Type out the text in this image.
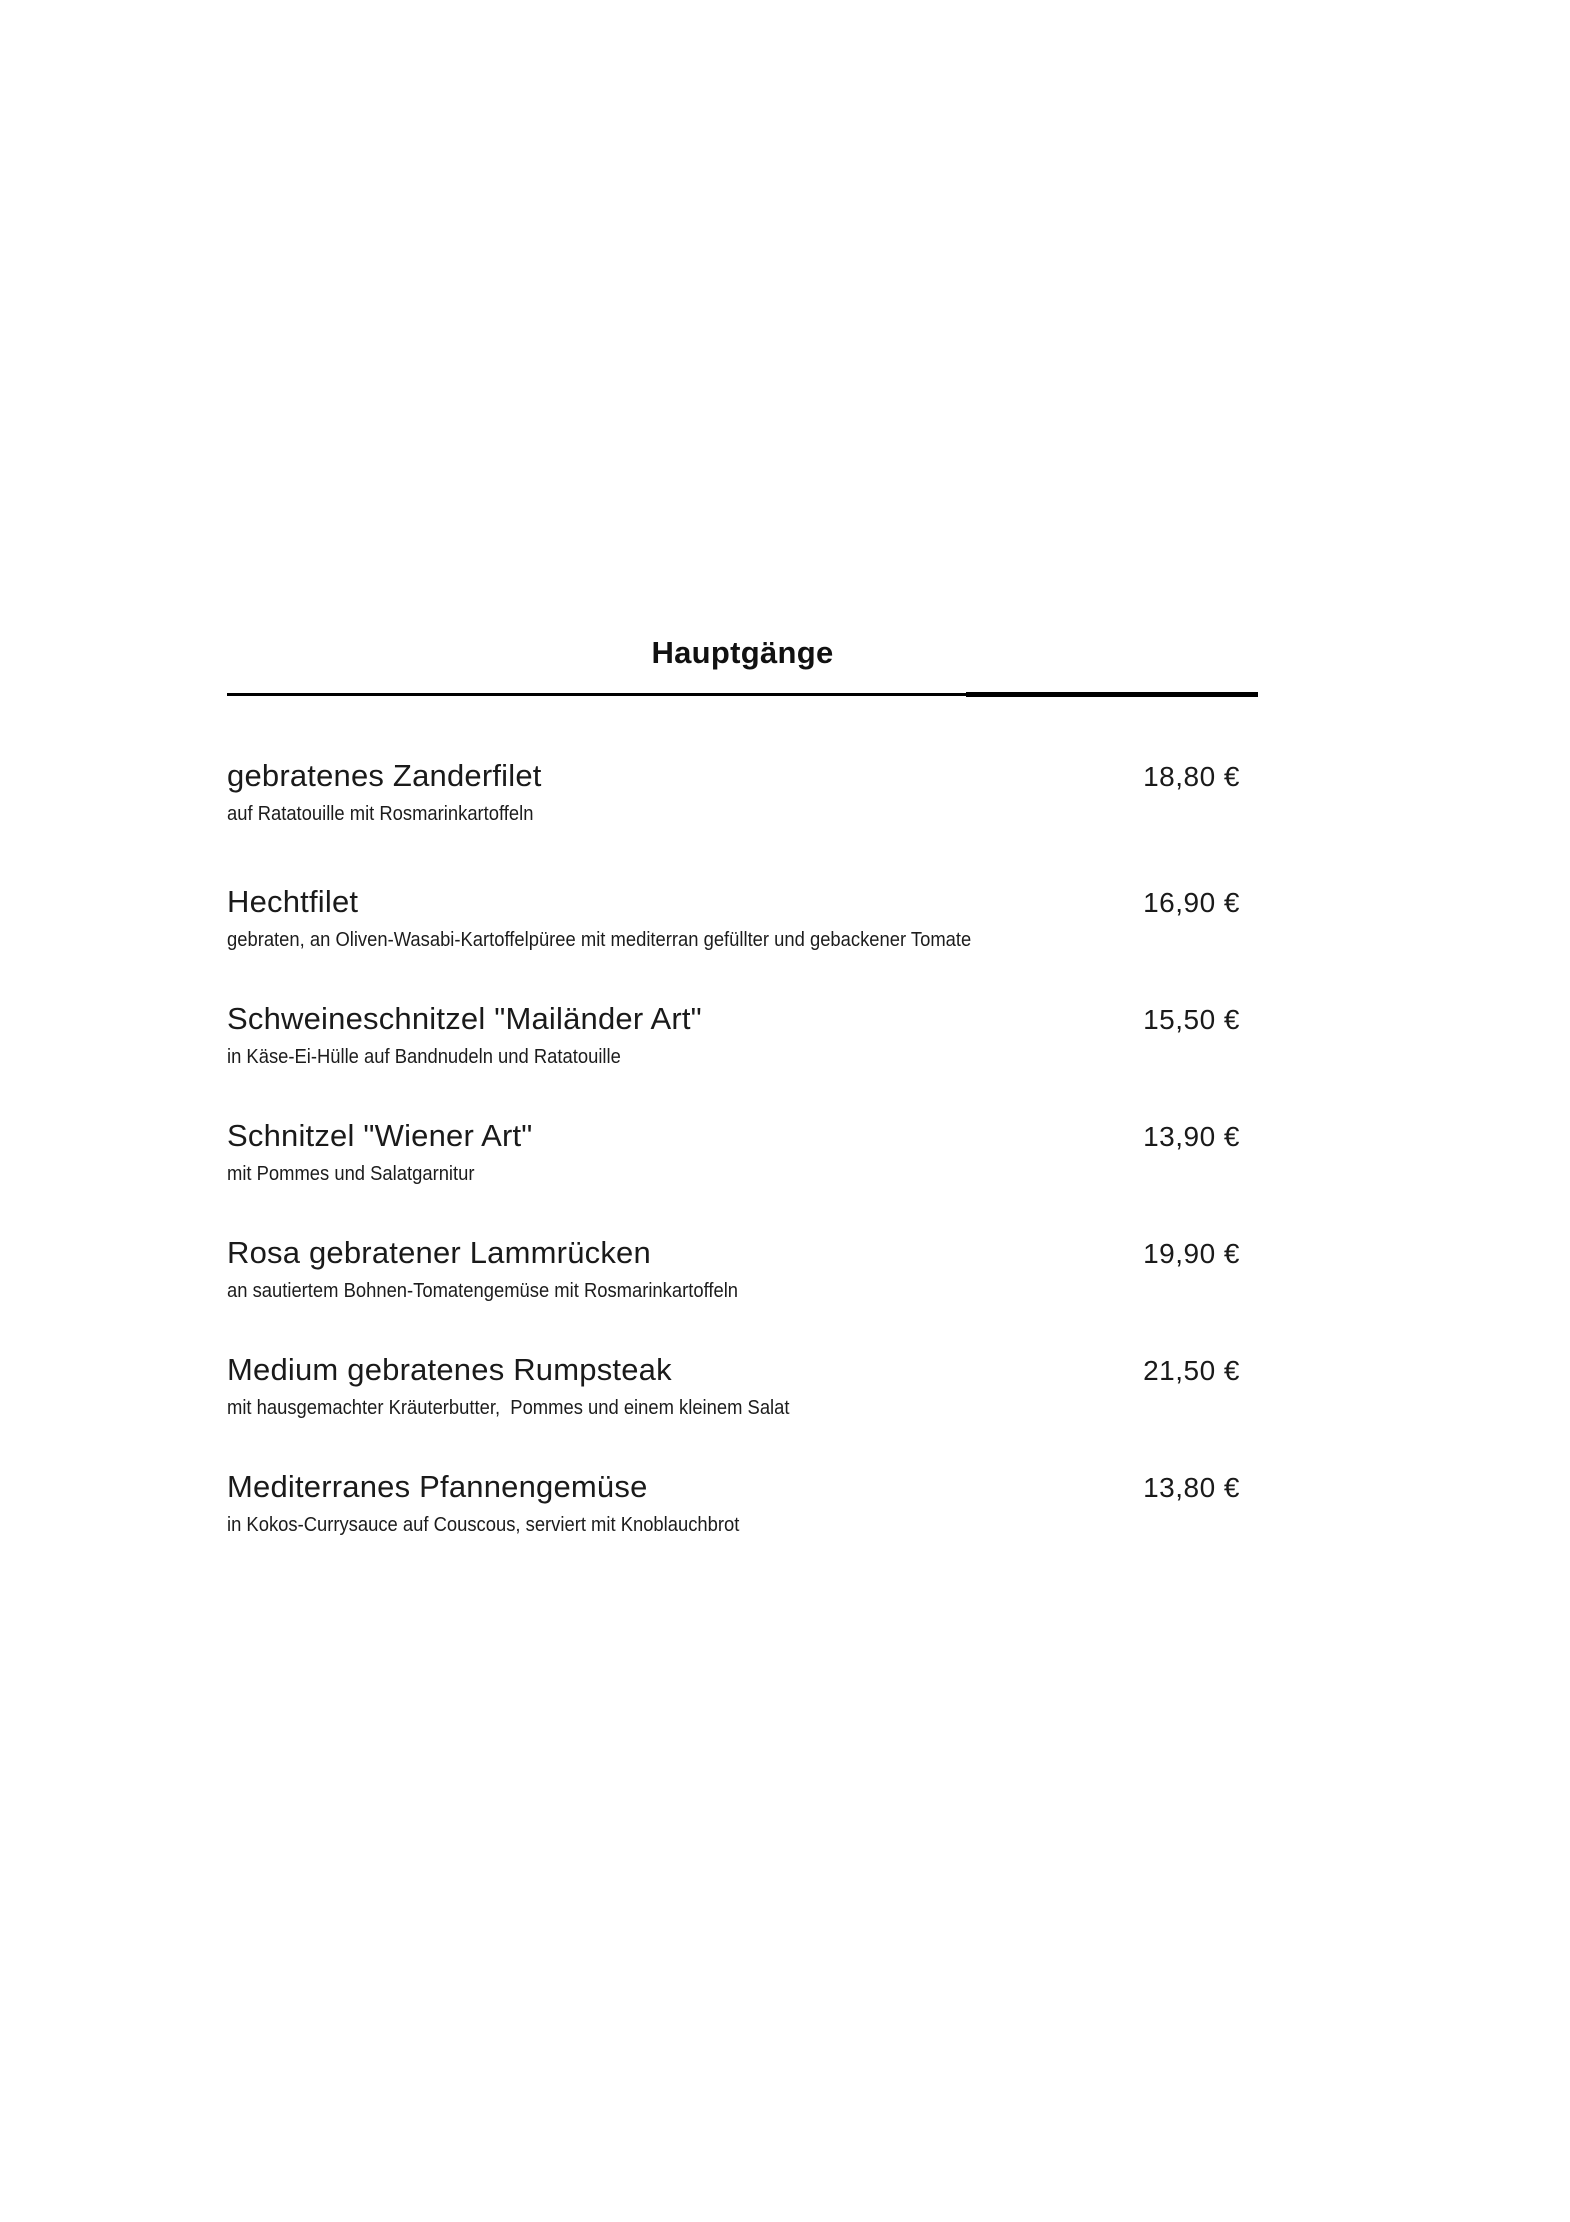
Hauptgänge
gebratenes Zanderfilet	18,80 €
auf Ratatouille mit Rosmarinkartoffeln
Hechtfilet	16,90 €
gebraten, an Oliven-Wasabi-Kartoffelpüree mit mediterran gefüllter und gebackener Tomate
Schweineschnitzel "Mailänder Art"	15,50 €
in Käse-Ei-Hülle auf Bandnudeln und Ratatouille
Schnitzel "Wiener Art"	13,90 €
mit Pommes und Salatgarnitur
Rosa gebratener Lammrücken	19,90 €
an sautiertem Bohnen-Tomatengemüse mit Rosmarinkartoffeln
Medium gebratenes Rumpsteak	21,50 €
mit hausgemachter Kräuterbutter,  Pommes und einem kleinem Salat
Mediterranes Pfannengemüse	13,80 €
in Kokos-Currysauce auf Couscous, serviert mit Knoblauchbrot
